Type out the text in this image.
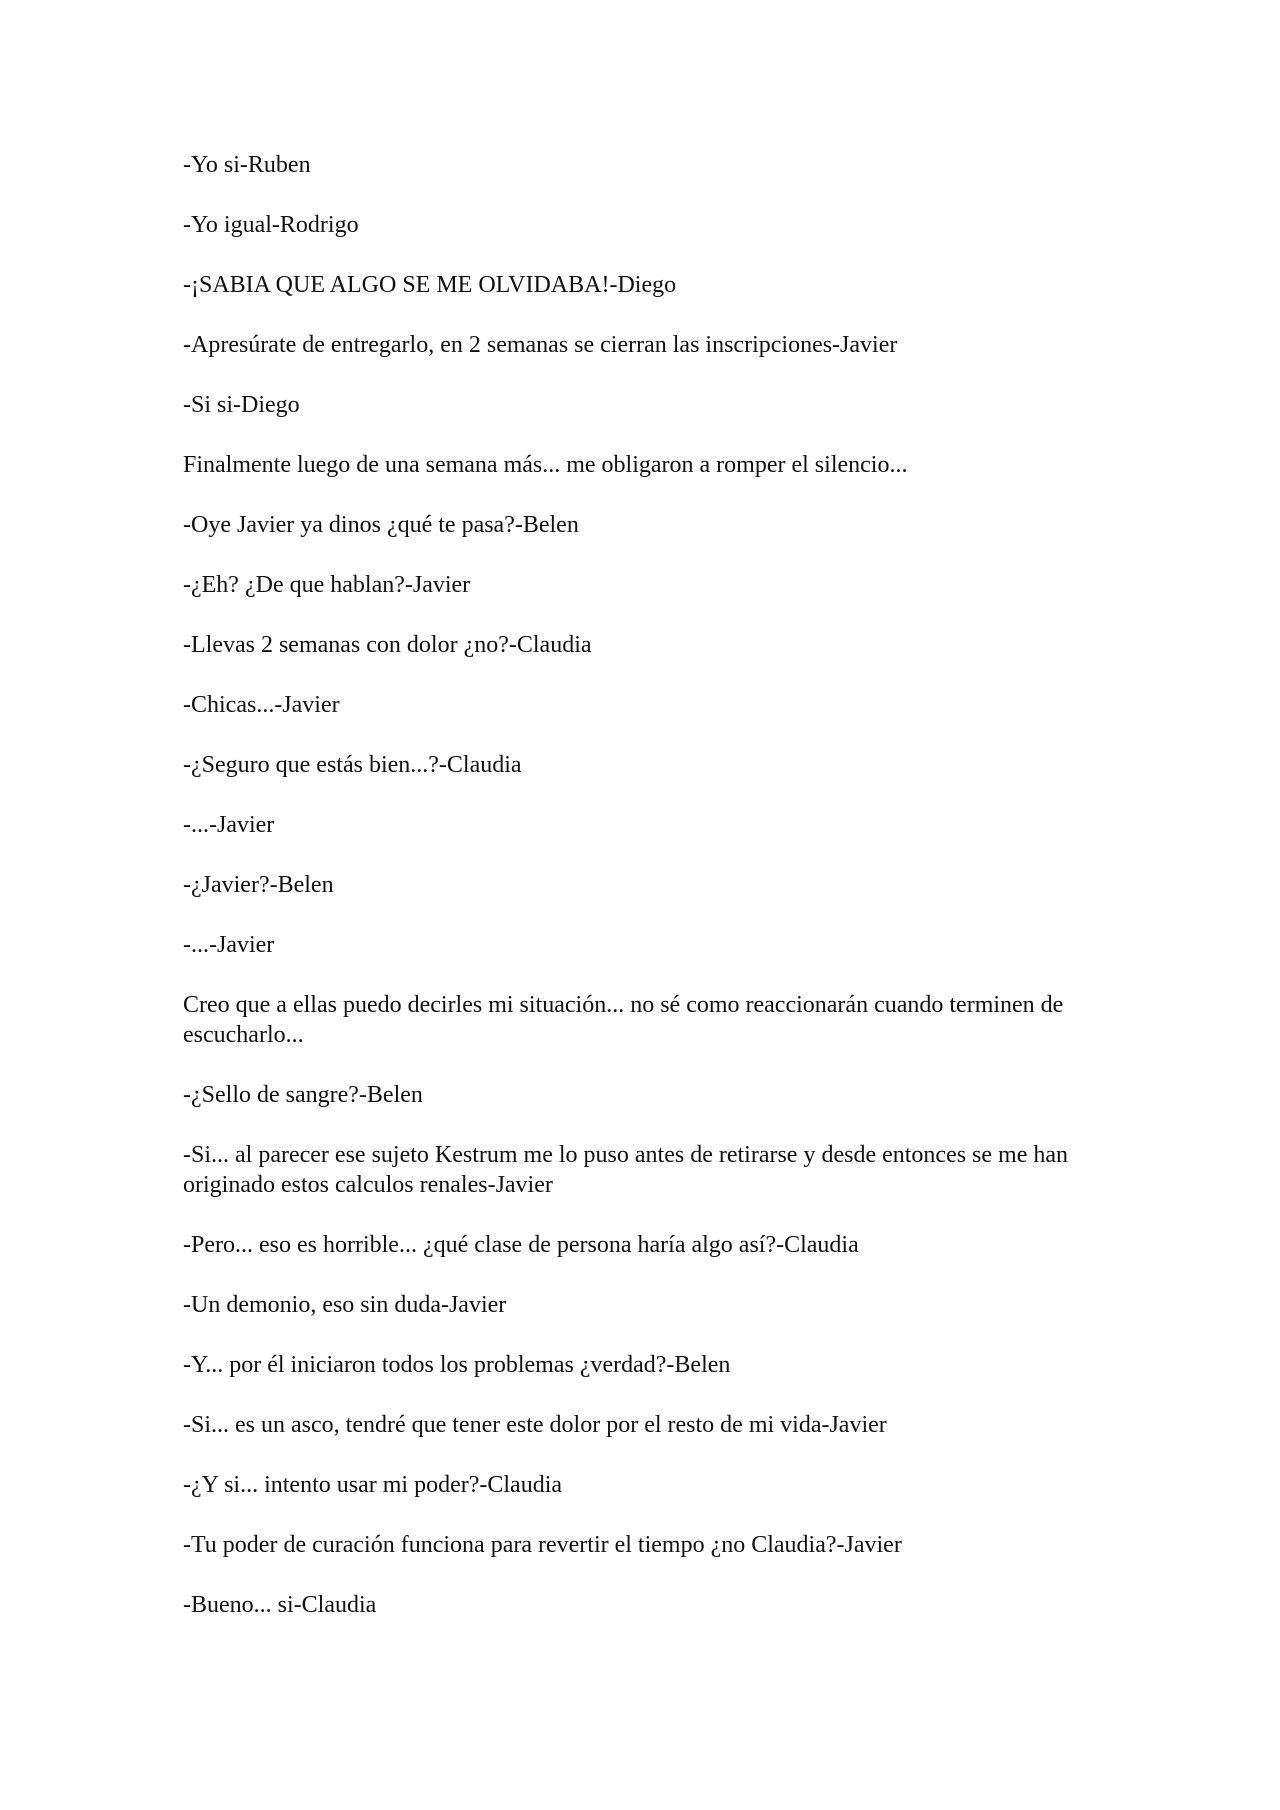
-Yo si-Ruben

-Yo igual-Rodrigo

-¡SABIA QUE ALGO SE ME OLVIDABA!-Diego

-Apresúrate de entregarlo, en 2 semanas se cierran las inscripciones-Javier

-Si si-Diego

Finalmente luego de una semana más... me obligaron a romper el silencio...

-Oye Javier ya dinos ¿qué te pasa?-Belen

-¿Eh? ¿De que hablan?-Javier

-Llevas 2 semanas con dolor ¿no?-Claudia

-Chicas...-Javier

-¿Seguro que estás bien...?-Claudia

-...-Javier

-¿Javier?-Belen

-...-Javier

Creo que a ellas puedo decirles mi situación... no sé como reaccionarán cuando terminen de escucharlo...

-¿Sello de sangre?-Belen

-Si... al parecer ese sujeto Kestrum me lo puso antes de retirarse y desde entonces se me han originado estos calculos renales-Javier

-Pero... eso es horrible... ¿qué clase de persona haría algo así?-Claudia

-Un demonio, eso sin duda-Javier

-Y... por él iniciaron todos los problemas ¿verdad?-Belen

-Si... es un asco, tendré que tener este dolor por el resto de mi vida-Javier

-¿Y si... intento usar mi poder?-Claudia

-Tu poder de curación funciona para revertir el tiempo ¿no Claudia?-Javier

-Bueno... si-Claudia
